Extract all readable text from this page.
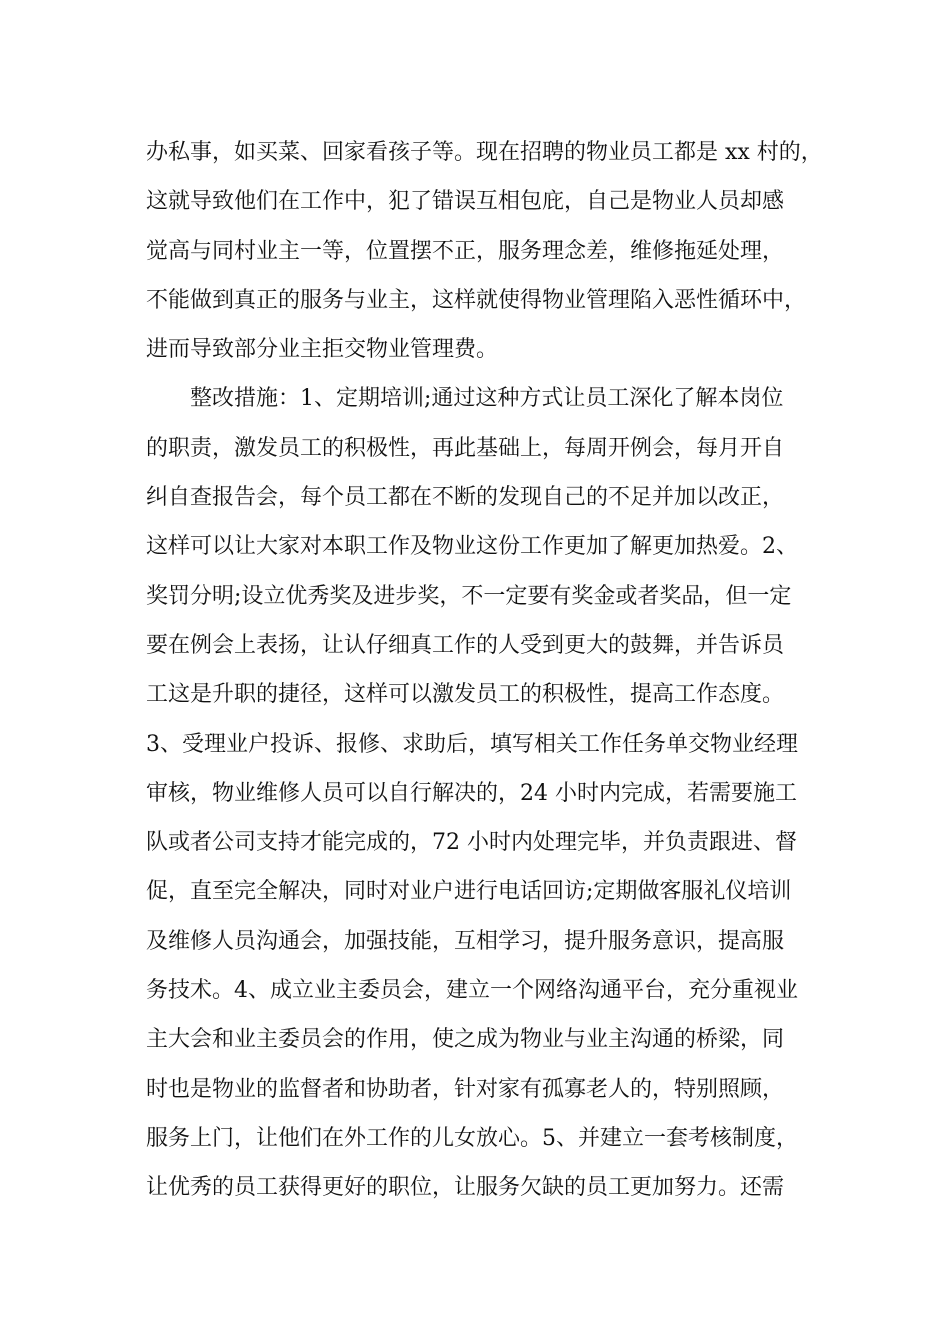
办私事，如买菜、回家看孩子等。现在招聘的物业员工都是 xx 村的，
这就导致他们在工作中，犯了错误互相包庇，自己是物业人员却感
觉高与同村业主一等，位置摆不正，服务理念差，维修拖延处理，
不能做到真正的服务与业主，这样就使得物业管理陷入恶性循环中，
进而导致部分业主拒交物业管理费。
整改措施：1、定期培训;通过这种方式让员工深化了解本岗位
的职责，激发员工的积极性，再此基础上，每周开例会，每月开自
纠自查报告会，每个员工都在不断的发现自己的不足并加以改正，
这样可以让大家对本职工作及物业这份工作更加了解更加热爱。2、
奖罚分明;设立优秀奖及进步奖，不一定要有奖金或者奖品，但一定
要在例会上表扬，让认仔细真工作的人受到更大的鼓舞，并告诉员
工这是升职的捷径，这样可以激发员工的积极性，提高工作态度。
3、受理业户投诉、报修、求助后，填写相关工作任务单交物业经理
审核，物业维修人员可以自行解决的，24 小时内完成，若需要施工
队或者公司支持才能完成的，72 小时内处理完毕，并负责跟进、督
促，直至完全解决，同时对业户进行电话回访;定期做客服礼仪培训
及维修人员沟通会，加强技能，互相学习，提升服务意识，提高服
务技术。4、成立业主委员会，建立一个网络沟通平台，充分重视业
主大会和业主委员会的作用，使之成为物业与业主沟通的桥梁，同
时也是物业的监督者和协助者，针对家有孤寡老人的，特别照顾，
服务上门，让他们在外工作的儿女放心。5、并建立一套考核制度，
让优秀的员工获得更好的职位，让服务欠缺的员工更加努力。还需
